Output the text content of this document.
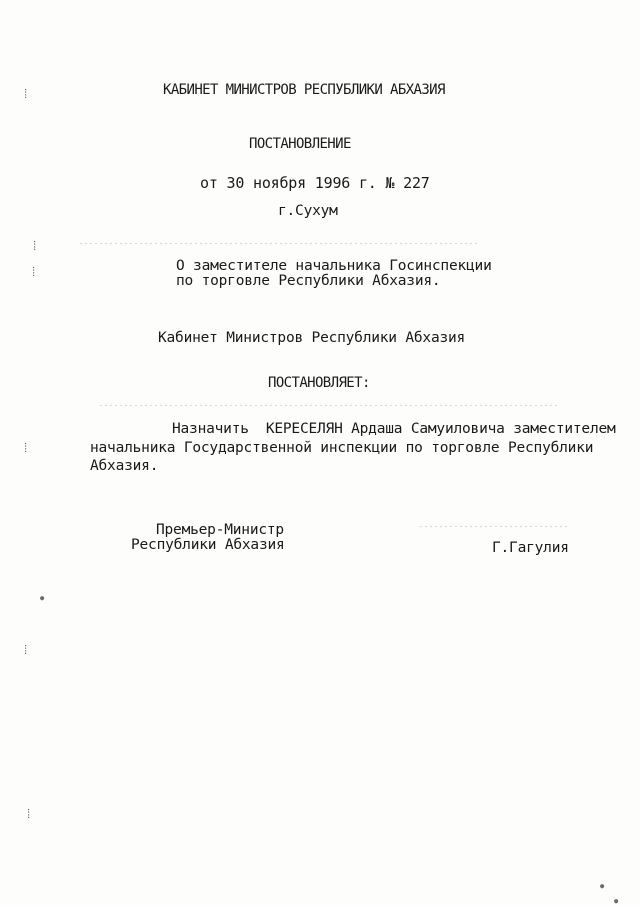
⁞
⁞
⁞
⁞
●
⁞
⁞
●
●
КАБИНЕТ МИНИСТРОВ РЕСПУБЛИКИ АБХАЗИЯ
ПОСТАНОВЛЕНИЕ
от 30 ноября 1996 г. № 227
г.Сухум
О заместителе начальника Госинспекции
по торговле Республики Абхазия.
Кабинет Министров Республики Абхазия
ПОСТАНОВЛЯЕТ:
Назначить  КЕРЕСЕЛЯН Ардаша Самуиловича заместителем
начальника Государственной инспекции по торговле Республики
Абхазия.
Премьер-Министр
Республики Абхазия	Г.Гагулия
